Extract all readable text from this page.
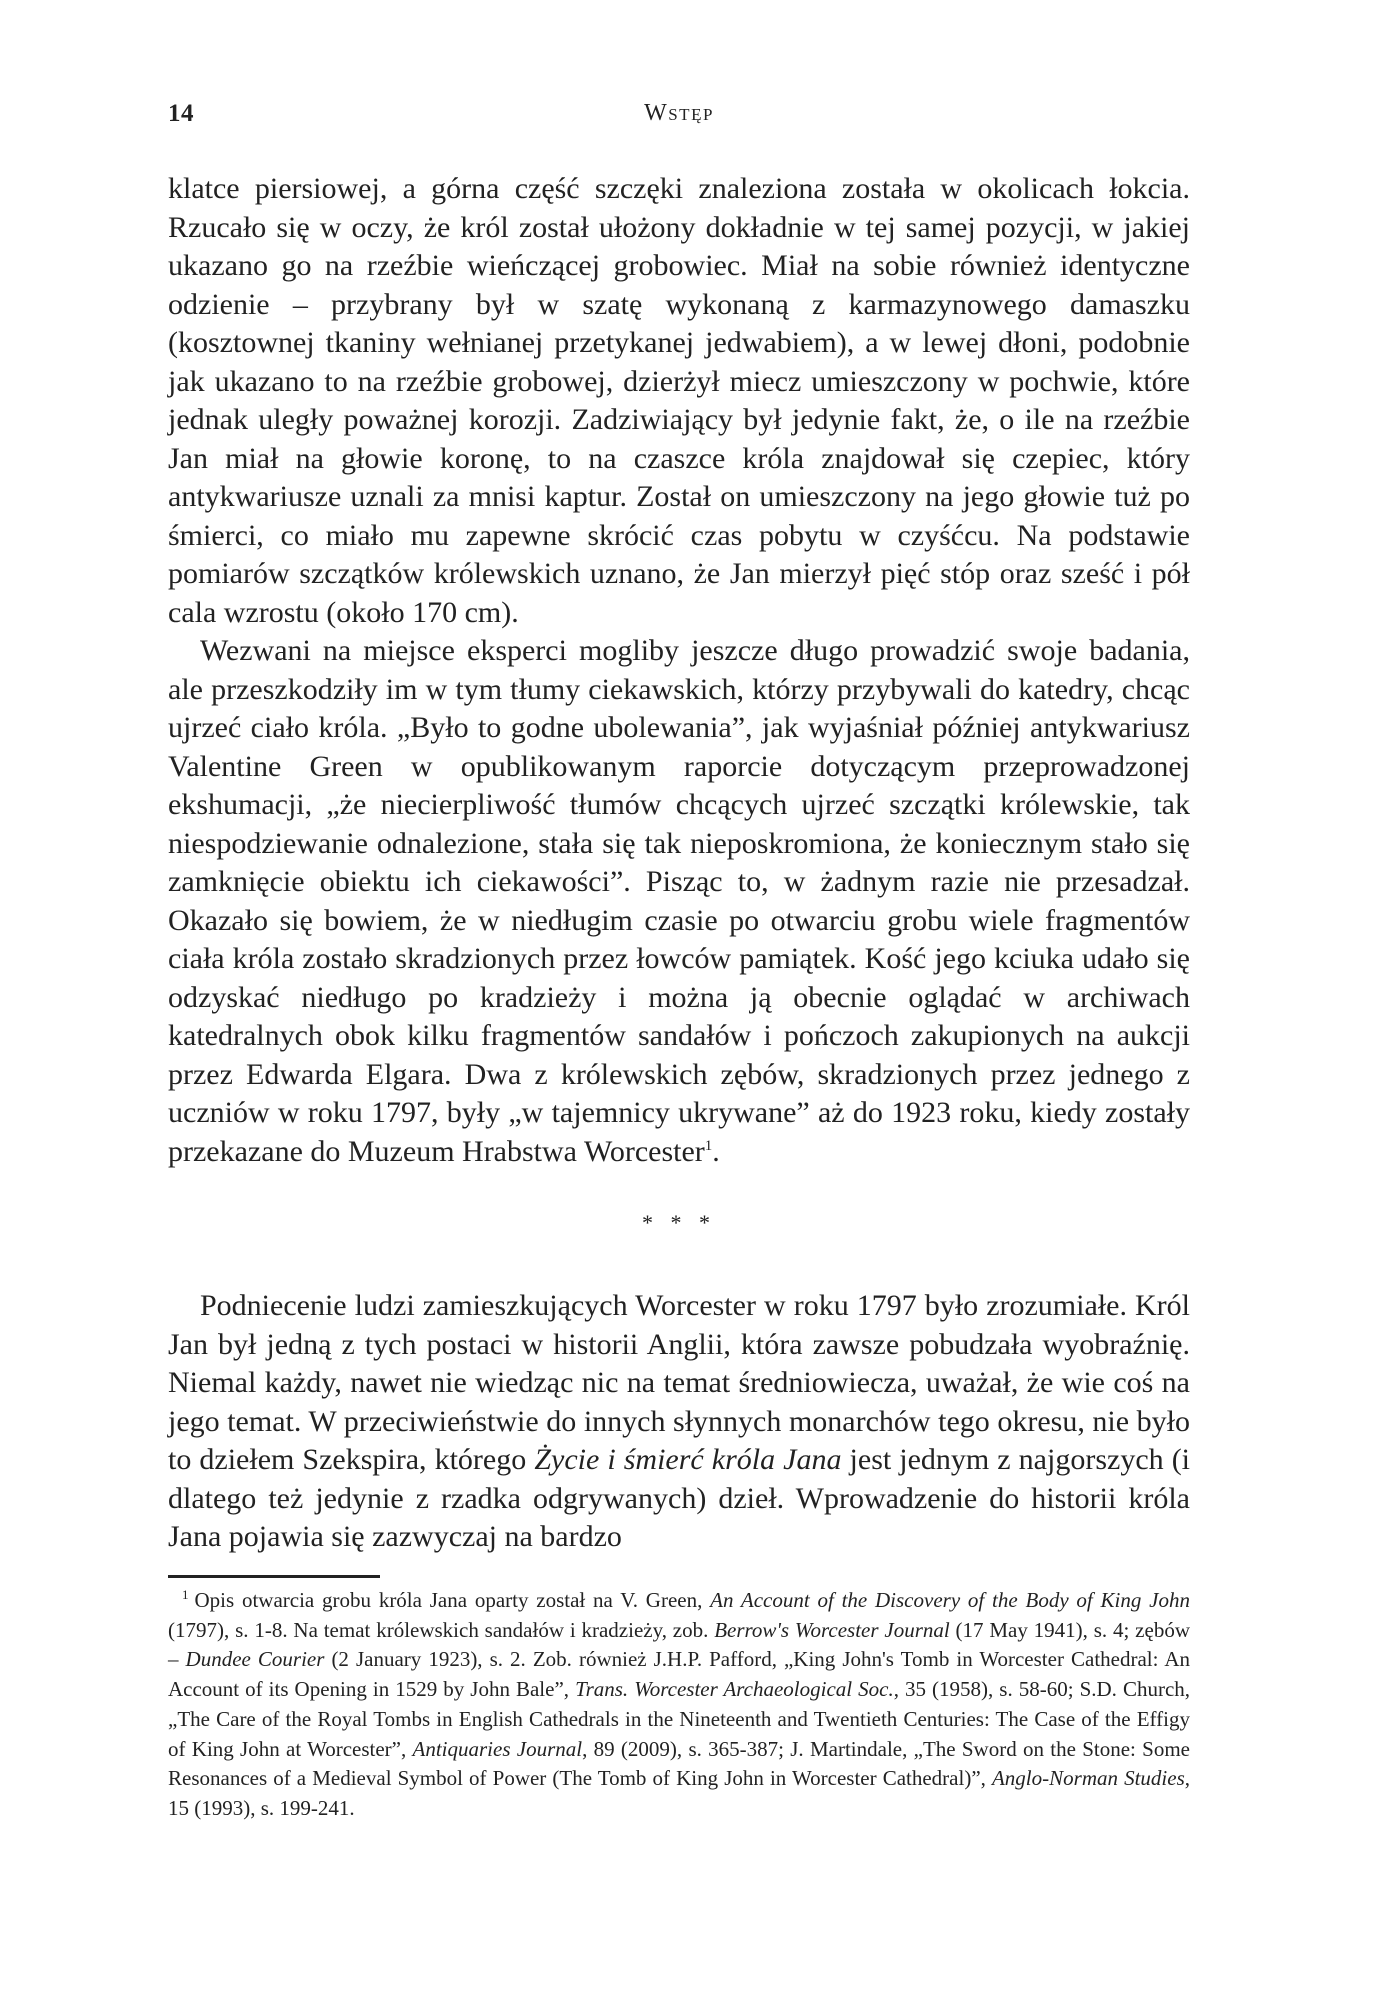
14	Wstęp

klatce piersiowej, a górna część szczęki znaleziona została w okolicach łokcia. Rzucało się w oczy, że król został ułożony dokładnie w tej samej pozycji, w jakiej ukazano go na rzeźbie wieńczącej grobowiec. Miał na sobie również identyczne odzienie – przybrany był w szatę wykonaną z karmazynowego damaszku (kosztownej tkaniny wełnianej przetykanej jedwabiem), a w lewej dłoni, podobnie jak ukazano to na rzeźbie grobowej, dzierżył miecz umieszczony w pochwie, które jednak uległy poważnej korozji. Zadziwiający był jedynie fakt, że, o ile na rzeźbie Jan miał na głowie koronę, to na czaszce króla znajdował się czepiec, który antykwariusze uznali za mnisi kaptur. Został on umieszczony na jego głowie tuż po śmierci, co miało mu zapewne skrócić czas pobytu w czyśćcu. Na podstawie pomiarów szczątków królewskich uznano, że Jan mierzył pięć stóp oraz sześć i pół cala wzrostu (około 170 cm).

Wezwani na miejsce eksperci mogliby jeszcze długo prowadzić swoje badania, ale przeszkodziły im w tym tłumy ciekawskich, którzy przybywali do katedry, chcąc ujrzeć ciało króla. „Było to godne ubolewania”, jak wyjaśniał później antykwariusz Valentine Green w opublikowanym raporcie dotyczącym przeprowadzonej ekshumacji, „że niecierpliwość tłumów chcących ujrzeć szczątki królewskie, tak niespodziewanie odnalezione, stała się tak nieposkromiona, że koniecznym stało się zamknięcie obiektu ich ciekawości”. Pisząc to, w żadnym razie nie przesadzał. Okazało się bowiem, że w niedługim czasie po otwarciu grobu wiele fragmentów ciała króla zostało skradzionych przez łowców pamiątek. Kość jego kciuka udało się odzyskać niedługo po kradzieży i można ją obecnie oglądać w archiwach katedralnych obok kilku fragmentów sandałów i pończoch zakupionych na aukcji przez Edwarda Elgara. Dwa z królewskich zębów, skradzionych przez jednego z uczniów w roku 1797, były „w tajemnicy ukrywane” aż do 1923 roku, kiedy zostały przekazane do Muzeum Hrabstwa Worcester$^1$.

* * *

Podniecenie ludzi zamieszkujących Worcester w roku 1797 było zrozumiałe. Król Jan był jedną z tych postaci w historii Anglii, która zawsze pobudzała wyobraźnię. Niemal każdy, nawet nie wiedząc nic na temat średniowiecza, uważał, że wie coś na jego temat. W przeciwieństwie do innych słynnych monarchów tego okresu, nie było to dziełem Szekspira, którego Życie i śmierć króla Jana jest jednym z najgorszych (i dlatego też jedynie z rzadka odgrywanych) dzieł. Wprowadzenie do historii króla Jana pojawia się zazwyczaj na bardzo

$^1$ Opis otwarcia grobu króla Jana oparty został na V. Green, An Account of the Discovery of the Body of King John (1797), s. 1-8. Na temat królewskich sandałów i kradzieży, zob. Berrow's Worcester Journal (17 May 1941), s. 4; zębów – Dundee Courier (2 January 1923), s. 2. Zob. również J.H.P. Pafford, „King John's Tomb in Worcester Cathedral: An Account of its Opening in 1529 by John Bale”, Trans. Worcester Archaeological Soc., 35 (1958), s. 58-60; S.D. Church, „The Care of the Royal Tombs in English Cathedrals in the Nineteenth and Twentieth Centuries: The Case of the Effigy of King John at Worcester”, Antiquaries Journal, 89 (2009), s. 365-387; J. Martindale, „The Sword on the Stone: Some Resonances of a Medieval Symbol of Power (The Tomb of King John in Worcester Cathedral)”, Anglo-Norman Studies, 15 (1993), s. 199-241.
